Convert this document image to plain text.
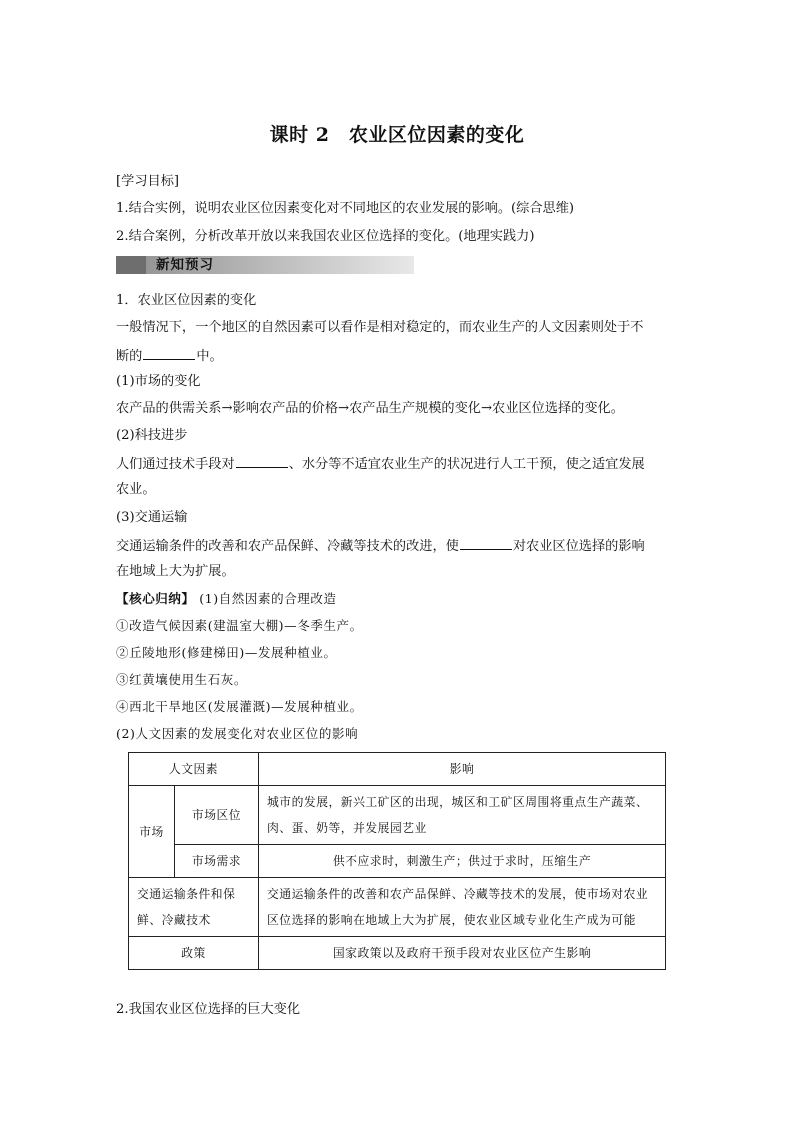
课时 2　农业区位因素的变化
[学习目标]
1.结合实例，说明农业区位因素变化对不同地区的农业发展的影响。(综合思维)
2.结合案例，分析改革开放以来我国农业区位选择的变化。(地理实践力)
新知预习
1．农业区位因素的变化
一般情况下，一个地区的自然因素可以看作是相对稳定的，而农业生产的人文因素则处于不
断的	中。
(1)市场的变化
农产品的供需关系→影响农产品的价格→农产品生产规模的变化→农业区位选择的变化。
(2)科技进步
人们通过技术手段对	、水分等不适宜农业生产的状况进行人工干预，使之适宜发展
农业。
(3)交通运输
交通运输条件的改善和农产品保鲜、冷藏等技术的改进，使	对农业区位选择的影响
在地域上大为扩展。
【核心归纳】 (1)自然因素的合理改造
①改造气候因素(建温室大棚)—冬季生产。
②丘陵地形(修建梯田)—发展种植业。
③红黄壤使用生石灰。
④西北干旱地区(发展灌溉)—发展种植业。
(2)人文因素的发展变化对农业区位的影响
人文因素		影响
市场	市场区位	城市的发展，新兴工矿区的出现，城区和工矿区周围将重点生产蔬菜、肉、蛋、奶等，并发展园艺业
	市场需求	供不应求时，刺激生产；供过于求时，压缩生产
交通运输条件和保鲜、冷藏技术		交通运输条件的改善和农产品保鲜、冷藏等技术的发展，使市场对农业区位选择的影响在地域上大为扩展，使农业区域专业化生产成为可能
政策		国家政策以及政府干预手段对农业区位产生影响
2.我国农业区位选择的巨大变化
